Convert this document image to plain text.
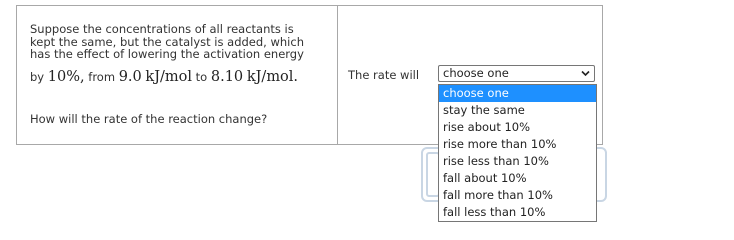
Suppose the concentrations of all reactants is
kept the same, but the catalyst is added, which
has the effect of lowering the activation energy
by 10%, from 9.0 kJ/mol to 8.10 kJ/mol.
How will the rate of the reaction change?
The rate will	choose one
choose one
stay the same
rise about 10%
rise more than 10%
rise less than 10%
fall about 10%
fall more than 10%
fall less than 10%
